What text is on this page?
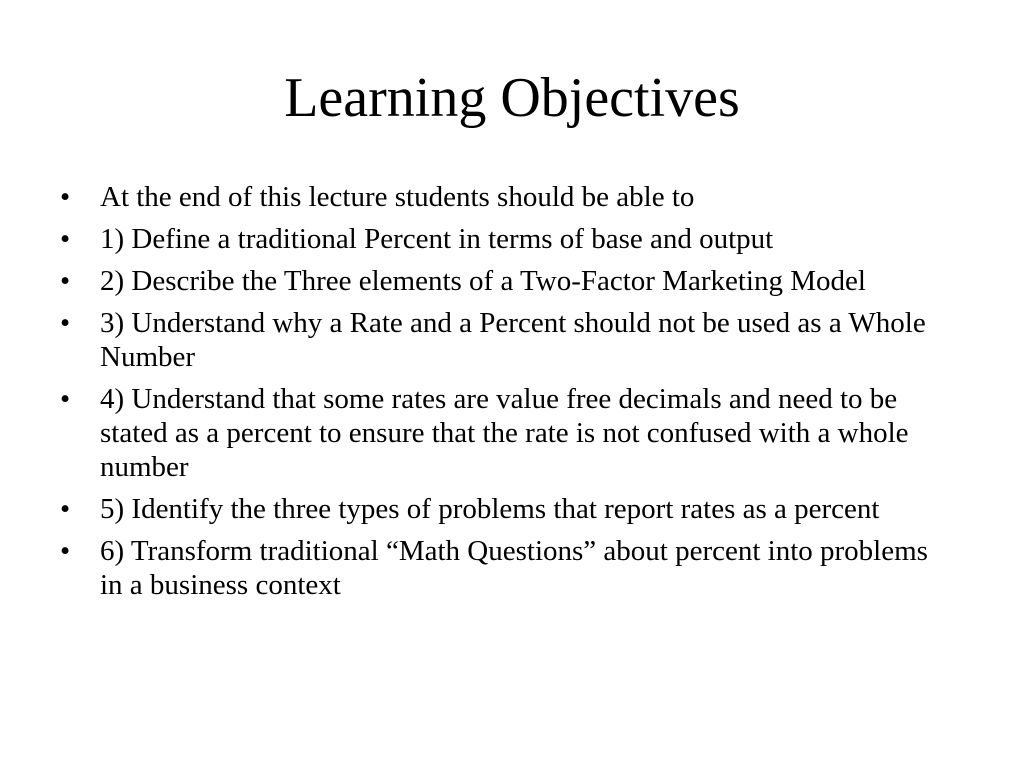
Learning Objectives
•	At the end of this lecture students should be able to
•	1) Define a traditional Percent in terms of base and output
•	2) Describe the Three elements of a Two-Factor Marketing Model
•	3) Understand why a Rate and a Percent should not be used as a Whole Number
•	4) Understand that some rates are value free decimals and need to be stated as a percent to ensure that the rate is not confused with a whole number
•	5) Identify the three types of problems that report rates as a percent
•	6) Transform traditional “Math Questions” about percent into problems in a business context
